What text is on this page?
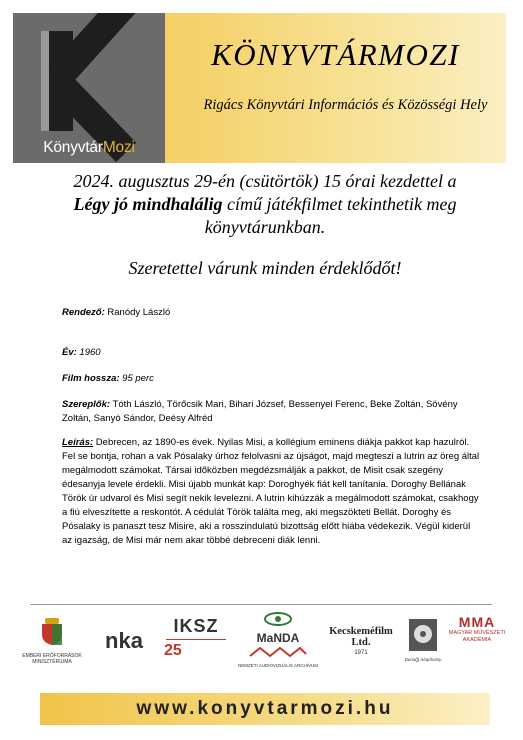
KönyvtárMozi
KÖNYVTÁRMOZI
Rigács Könyvtári Információs és Közösségi Hely
2024. augusztus 29-én (csütörtök) 15 órai kezdettel a
Légy jó mindhalálig című játékfilmet tekinthetik meg könyvtárunkban.
Szeretettel várunk minden érdeklődőt!
Rendező: Ranódy László
Év: 1960
Film hossza: 95 perc
Szereplők: Tóth László, Törőcsik Mari, Bihari József, Bessenyei Ferenc, Beke Zoltán, Sövény Zoltán, Sanyó Sándor, Deésy Alfréd
Leírás: Debrecen, az 1890-es évek. Nyilas Misi, a kollégium eminens diákja pakkot kap hazulról. Fel se bontja, rohan a vak Pósalaky úrhoz felolvasni az újságot, majd megteszi a lutrin az öreg által megálmodott számokat. Társai időközben megdézsmálják a pakkot, de Misit csak szegény édesanyja levele érdekli. Misi újabb munkát kap: Doroghyék fiát kell tanítania. Doroghy Bellának Török úr udvarol és Misi segít nekik levelezni. A lutrin kihúzzák a megálmodott számokat, csakhogy a fiú elveszítette a reskontót. A cédulát Török találta meg, aki megszökteti Bellát. Doroghy és Pósalaky is panaszt tesz Misire, aki a rosszindulatú bizottság előtt hiába védekezik. Végül kiderül az igazság, de Misi már nem akar többé debreceni diák lenni.
EMBERI ERŐFORRÁSOK MINISZTÉRIUMA
nka
IKSZ
25
MaNDA
NEMZETI AUDIOVIZUÁLIS ARCHÍVUM
Kecskeméfilm Ltd.
1971
Duna(j) Alapítvány
MMA
MAGYAR MŰVÉSZETI AKADÉMIA
www.konyvtarmozi.hu
